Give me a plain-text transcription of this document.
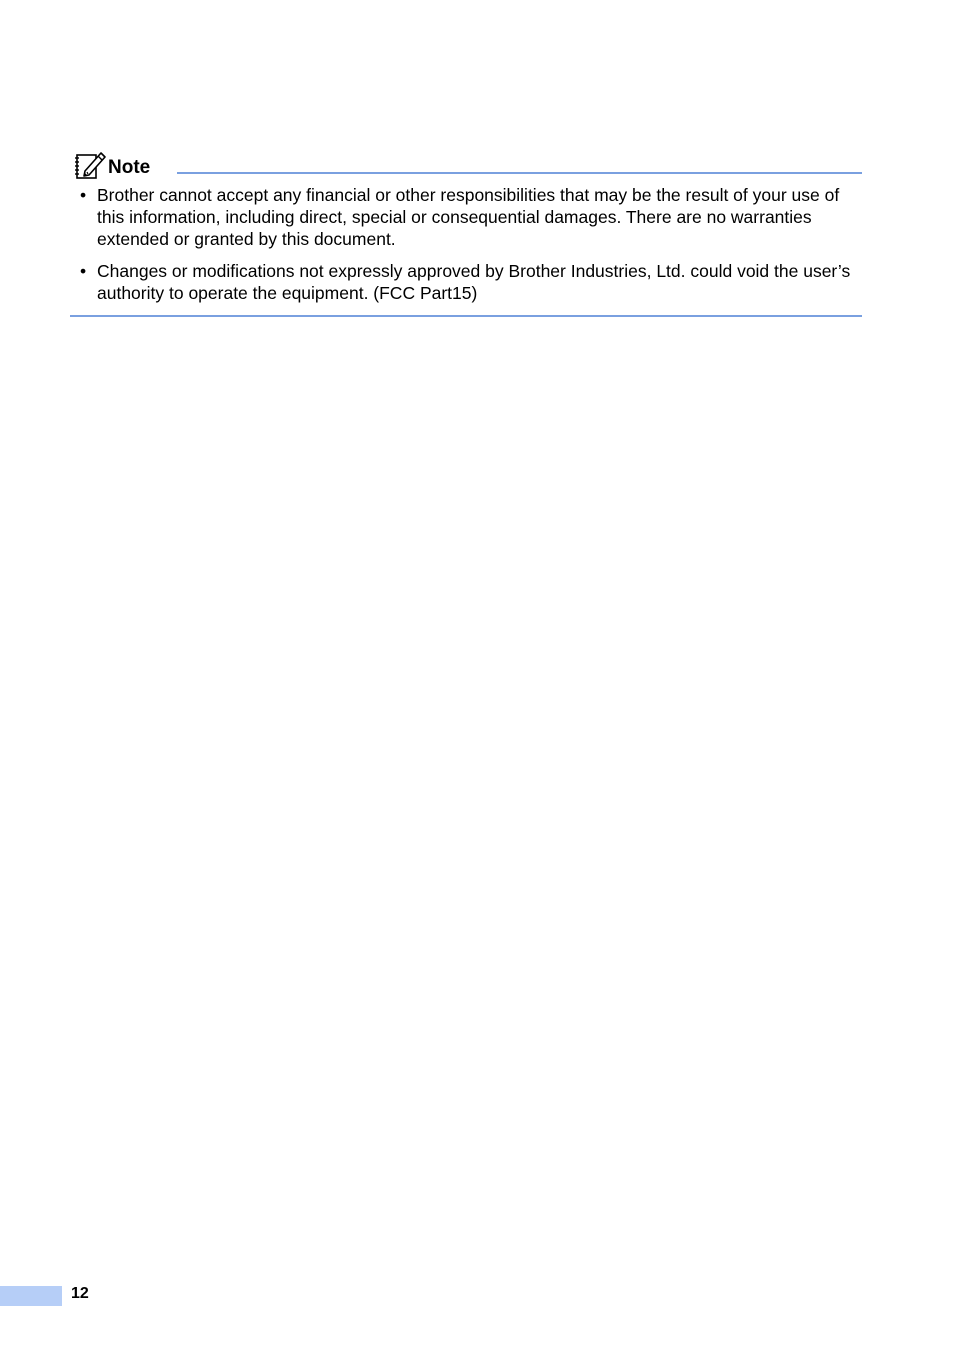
Note
• Brother cannot accept any financial or other responsibilities that may be the result of your use of this information, including direct, special or consequential damages. There are no warranties extended or granted by this document.
• Changes or modifications not expressly approved by Brother Industries, Ltd. could void the user’s authority to operate the equipment. (FCC Part15)
12
